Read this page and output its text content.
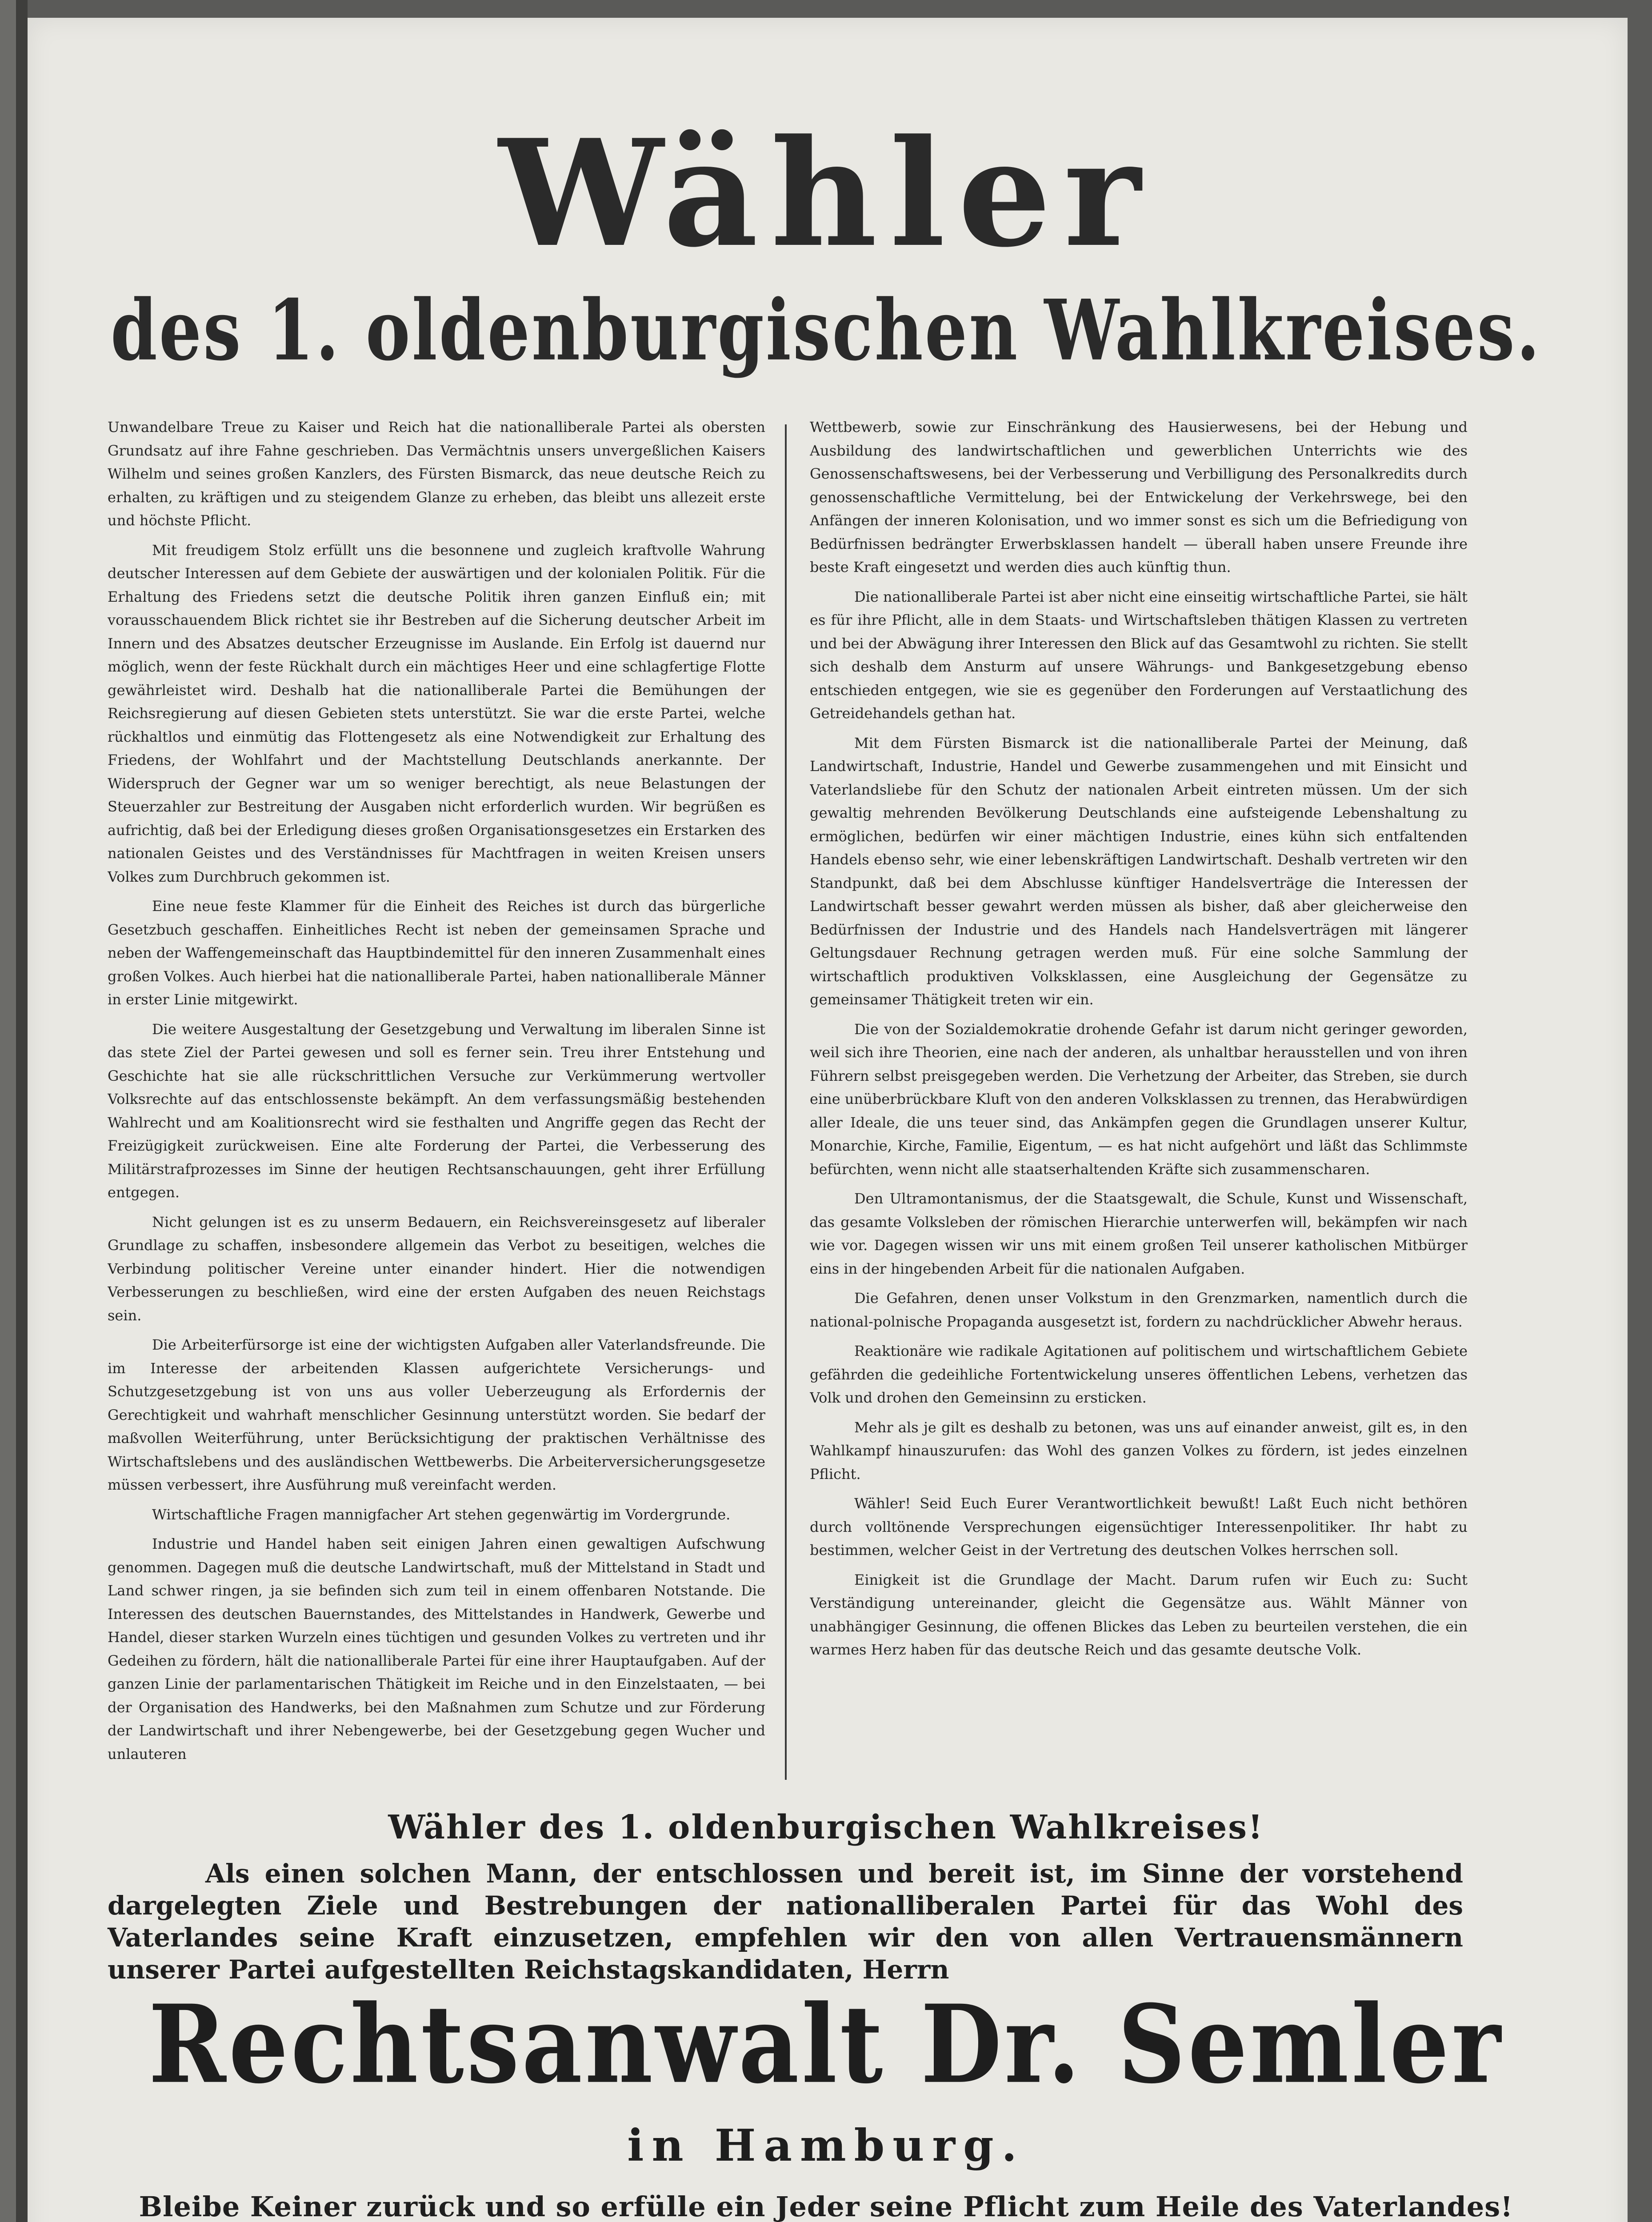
Wähler
des 1. oldenburgischen Wahlkreises.

Unwandelbare Treue zu Kaiser und Reich hat die nationalliberale Partei als obersten Grundsatz auf ihre Fahne geschrieben. Das Vermächtnis unsers unvergeßlichen Kaisers Wilhelm und seines großen Kanzlers, des Fürsten Bismarck, das neue deutsche Reich zu erhalten, zu kräftigen und zu steigendem Glanze zu erheben, das bleibt uns allezeit erste und höchste Pflicht.

Mit freudigem Stolz erfüllt uns die besonnene und zugleich kraftvolle Wahrung deutscher Interessen auf dem Gebiete der auswärtigen und der kolonialen Politik. Für die Erhaltung des Friedens setzt die deutsche Politik ihren ganzen Einfluß ein; mit vorausschauendem Blick richtet sie ihr Bestreben auf die Sicherung deutscher Arbeit im Innern und des Absatzes deutscher Erzeugnisse im Auslande. Ein Erfolg ist dauernd nur möglich, wenn der feste Rückhalt durch ein mächtiges Heer und eine schlagfertige Flotte gewährleistet wird. Deshalb hat die nationalliberale Partei die Bemühungen der Reichsregierung auf diesen Gebieten stets unterstützt. Sie war die erste Partei, welche rückhaltlos und einmütig das Flottengesetz als eine Notwendigkeit zur Erhaltung des Friedens, der Wohlfahrt und der Machtstellung Deutschlands anerkannte. Der Widerspruch der Gegner war um so weniger berechtigt, als neue Belastungen der Steuerzahler zur Bestreitung der Ausgaben nicht erforderlich wurden. Wir begrüßen es aufrichtig, daß bei der Erledigung dieses großen Organisationsgesetzes ein Erstarken des nationalen Geistes und des Verständnisses für Machtfragen in weiten Kreisen unsers Volkes zum Durchbruch gekommen ist.

Eine neue feste Klammer für die Einheit des Reiches ist durch das bürgerliche Gesetzbuch geschaffen. Einheitliches Recht ist neben der gemeinsamen Sprache und neben der Waffengemeinschaft das Hauptbindemittel für den inneren Zusammenhalt eines großen Volkes. Auch hierbei hat die nationalliberale Partei, haben nationalliberale Männer in erster Linie mitgewirkt.

Die weitere Ausgestaltung der Gesetzgebung und Verwaltung im liberalen Sinne ist das stete Ziel der Partei gewesen und soll es ferner sein. Treu ihrer Entstehung und Geschichte hat sie alle rückschrittlichen Versuche zur Verkümmerung wertvoller Volksrechte auf das entschlossenste bekämpft. An dem verfassungsmäßig bestehenden Wahlrecht und am Koalitionsrecht wird sie festhalten und Angriffe gegen das Recht der Freizügigkeit zurückweisen. Eine alte Forderung der Partei, die Verbesserung des Militärstrafprozesses im Sinne der heutigen Rechtsanschauungen, geht ihrer Erfüllung entgegen.

Nicht gelungen ist es zu unserm Bedauern, ein Reichsvereinsgesetz auf liberaler Grundlage zu schaffen, insbesondere allgemein das Verbot zu beseitigen, welches die Verbindung politischer Vereine unter einander hindert. Hier die notwendigen Verbesserungen zu beschließen, wird eine der ersten Aufgaben des neuen Reichstags sein.

Die Arbeiterfürsorge ist eine der wichtigsten Aufgaben aller Vaterlandsfreunde. Die im Interesse der arbeitenden Klassen aufgerichtete Versicherungs- und Schutzgesetzgebung ist von uns aus voller Ueberzeugung als Erfordernis der Gerechtigkeit und wahrhaft menschlicher Gesinnung unterstützt worden. Sie bedarf der maßvollen Weiterführung, unter Berücksichtigung der praktischen Verhältnisse des Wirtschaftslebens und des ausländischen Wettbewerbs. Die Arbeiterversicherungsgesetze müssen verbessert, ihre Ausführung muß vereinfacht werden.

Wirtschaftliche Fragen mannigfacher Art stehen gegenwärtig im Vordergrunde.

Industrie und Handel haben seit einigen Jahren einen gewaltigen Aufschwung genommen. Dagegen muß die deutsche Landwirtschaft, muß der Mittelstand in Stadt und Land schwer ringen, ja sie befinden sich zum teil in einem offenbaren Notstande. Die Interessen des deutschen Bauernstandes, des Mittelstandes in Handwerk, Gewerbe und Handel, dieser starken Wurzeln eines tüchtigen und gesunden Volkes zu vertreten und ihr Gedeihen zu fördern, hält die nationalliberale Partei für eine ihrer Hauptaufgaben. Auf der ganzen Linie der parlamentarischen Thätigkeit im Reiche und in den Einzelstaaten, — bei der Organisation des Handwerks, bei den Maßnahmen zum Schutze und zur Förderung der Landwirtschaft und ihrer Nebengewerbe, bei der Gesetzgebung gegen Wucher und unlauteren

Wettbewerb, sowie zur Einschränkung des Hausierwesens, bei der Hebung und Ausbildung des landwirtschaftlichen und gewerblichen Unterrichts wie des Genossenschaftswesens, bei der Verbesserung und Verbilligung des Personalkredits durch genossenschaftliche Vermittelung, bei der Entwickelung der Verkehrswege, bei den Anfängen der inneren Kolonisation, und wo immer sonst es sich um die Befriedigung von Bedürfnissen bedrängter Erwerbsklassen handelt — überall haben unsere Freunde ihre beste Kraft eingesetzt und werden dies auch künftig thun.

Die nationalliberale Partei ist aber nicht eine einseitig wirtschaftliche Partei, sie hält es für ihre Pflicht, alle in dem Staats- und Wirtschaftsleben thätigen Klassen zu vertreten und bei der Abwägung ihrer Interessen den Blick auf das Gesamtwohl zu richten. Sie stellt sich deshalb dem Ansturm auf unsere Währungs- und Bankgesetzgebung ebenso entschieden entgegen, wie sie es gegenüber den Forderungen auf Verstaatlichung des Getreidehandels gethan hat.

Mit dem Fürsten Bismarck ist die nationalliberale Partei der Meinung, daß Landwirtschaft, Industrie, Handel und Gewerbe zusammengehen und mit Einsicht und Vaterlandsliebe für den Schutz der nationalen Arbeit eintreten müssen. Um der sich gewaltig mehrenden Bevölkerung Deutschlands eine aufsteigende Lebenshaltung zu ermöglichen, bedürfen wir einer mächtigen Industrie, eines kühn sich entfaltenden Handels ebenso sehr, wie einer lebenskräftigen Landwirtschaft. Deshalb vertreten wir den Standpunkt, daß bei dem Abschlusse künftiger Handelsverträge die Interessen der Landwirtschaft besser gewahrt werden müssen als bisher, daß aber gleicherweise den Bedürfnissen der Industrie und des Handels nach Handelsverträgen mit längerer Geltungsdauer Rechnung getragen werden muß. Für eine solche Sammlung der wirtschaftlich produktiven Volksklassen, eine Ausgleichung der Gegensätze zu gemeinsamer Thätigkeit treten wir ein.

Die von der Sozialdemokratie drohende Gefahr ist darum nicht geringer geworden, weil sich ihre Theorien, eine nach der anderen, als unhaltbar herausstellen und von ihren Führern selbst preisgegeben werden. Die Verhetzung der Arbeiter, das Streben, sie durch eine unüberbrückbare Kluft von den anderen Volksklassen zu trennen, das Herabwürdigen aller Ideale, die uns teuer sind, das Ankämpfen gegen die Grundlagen unserer Kultur, Monarchie, Kirche, Familie, Eigentum, — es hat nicht aufgehört und läßt das Schlimmste befürchten, wenn nicht alle staatserhaltenden Kräfte sich zusammenscharen.

Den Ultramontanismus, der die Staatsgewalt, die Schule, Kunst und Wissenschaft, das gesamte Volksleben der römischen Hierarchie unterwerfen will, bekämpfen wir nach wie vor. Dagegen wissen wir uns mit einem großen Teil unserer katholischen Mitbürger eins in der hingebenden Arbeit für die nationalen Aufgaben.

Die Gefahren, denen unser Volkstum in den Grenzmarken, namentlich durch die national-polnische Propaganda ausgesetzt ist, fordern zu nachdrücklicher Abwehr heraus.

Reaktionäre wie radikale Agitationen auf politischem und wirtschaftlichem Gebiete gefährden die gedeihliche Fortentwickelung unseres öffentlichen Lebens, verhetzen das Volk und drohen den Gemeinsinn zu ersticken.

Mehr als je gilt es deshalb zu betonen, was uns auf einander anweist, gilt es, in den Wahlkampf hinauszurufen: das Wohl des ganzen Volkes zu fördern, ist jedes einzelnen Pflicht.

Wähler! Seid Euch Eurer Verantwortlichkeit bewußt! Laßt Euch nicht bethören durch volltönende Versprechungen eigensüchtiger Interessenpolitiker. Ihr habt zu bestimmen, welcher Geist in der Vertretung des deutschen Volkes herrschen soll.

Einigkeit ist die Grundlage der Macht. Darum rufen wir Euch zu: Sucht Verständigung untereinander, gleicht die Gegensätze aus. Wählt Männer von unabhängiger Gesinnung, die offenen Blickes das Leben zu beurteilen verstehen, die ein warmes Herz haben für das deutsche Reich und das gesamte deutsche Volk.

Wähler des 1. oldenburgischen Wahlkreises!

Als einen solchen Mann, der entschlossen und bereit ist, im Sinne der vorstehend dargelegten Ziele und Bestrebungen der nationalliberalen Partei für das Wohl des Vaterlandes seine Kraft einzusetzen, empfehlen wir den von allen Vertrauensmännern unserer Partei aufgestellten Reichstagskandidaten, Herrn

Rechtsanwalt Dr. Semler
in Hamburg.

Bleibe Keiner zurück und so erfülle ein Jeder seine Pflicht zum Heile des Vaterlandes!
